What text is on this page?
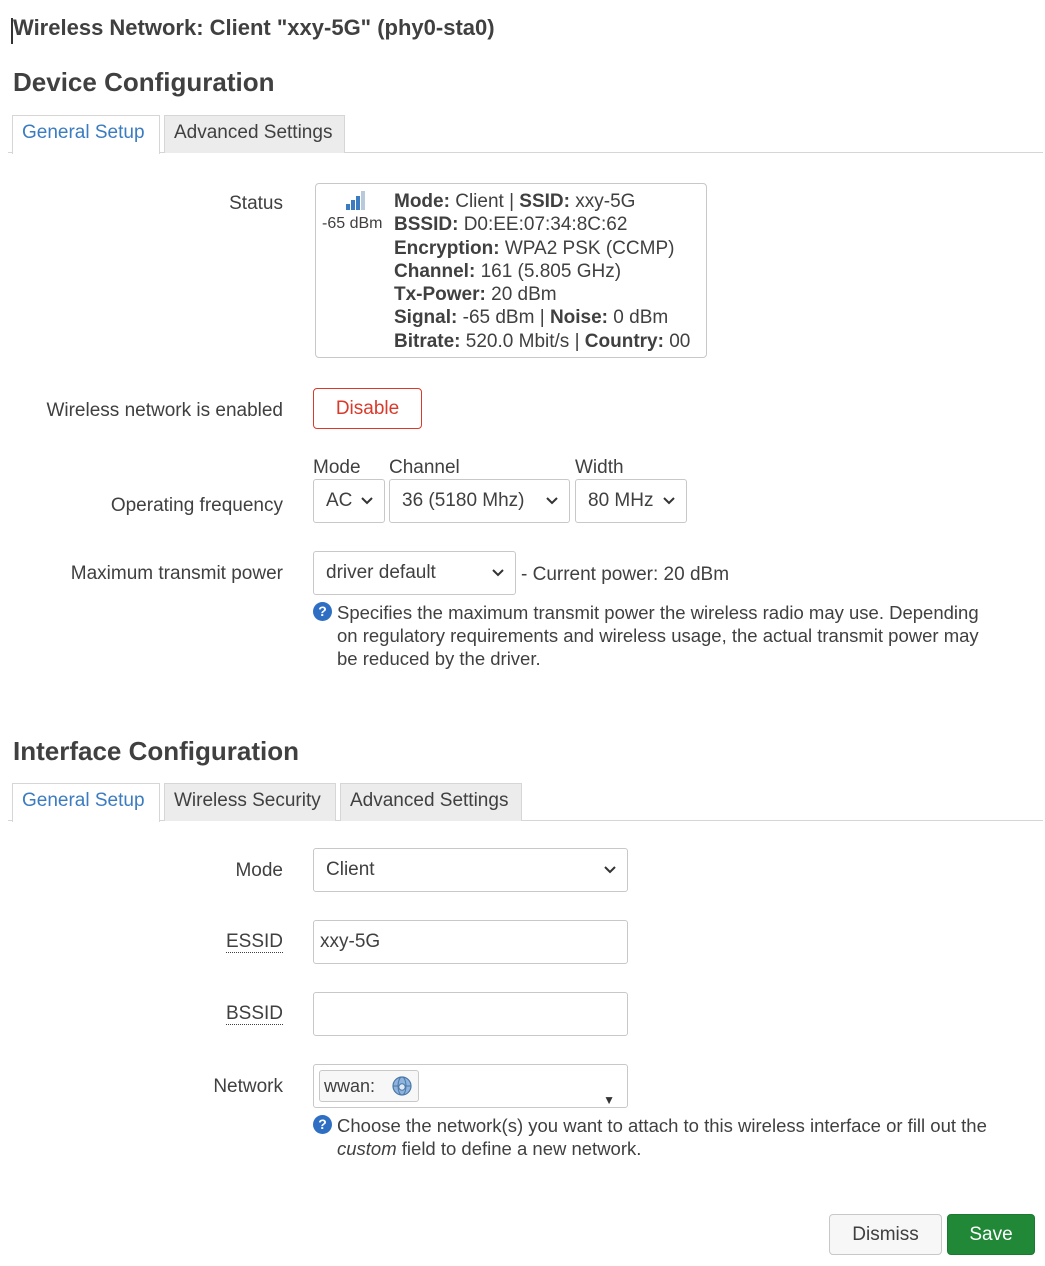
Wireless Network: Client "xxy-5G" (phy0-sta0)
Device Configuration
General Setup	Advanced Settings
Status
-65 dBm
Mode: Client | SSID: xxy-5G
BSSID: D0:EE:07:34:8C:62
Encryption: WPA2 PSK (CCMP)
Channel: 161 (5.805 GHz)
Tx-Power: 20 dBm
Signal: -65 dBm | Noise: 0 dBm
Bitrate: 520.0 Mbit/s | Country: 00
Wireless network is enabled	Disable
Mode Channel	Width
Operating frequency	AC	36 (5180 Mhz)	80 MHz
Maximum transmit power	driver default	- Current power: 20 dBm
? Specifies the maximum transmit power the wireless radio may use. Depending
on regulatory requirements and wireless usage, the actual transmit power may
be reduced by the driver.
Interface Configuration
General Setup	Wireless Security	Advanced Settings
Mode	Client
ESSID	xxy-5G
BSSID
Network wwan:
▼
? Choose the network(s) you want to attach to this wireless interface or fill out the
custom field to define a new network.
Dismiss	Save
